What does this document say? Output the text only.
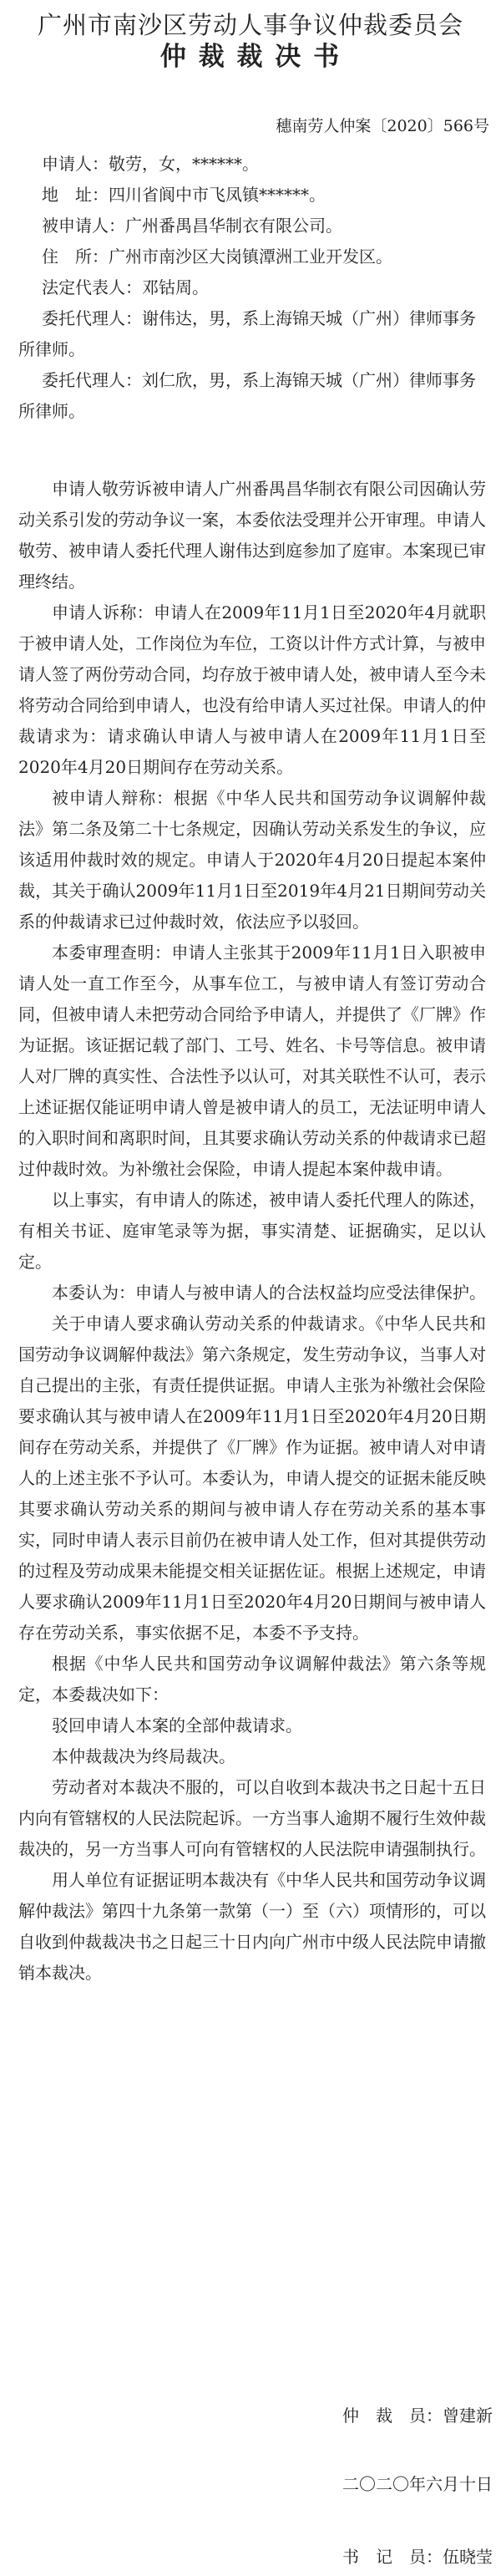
广州市南沙区劳动人事争议仲裁委员会
仲 裁 裁 决 书
穗南劳人仲案〔2020〕566号

申请人：敬劳，女，******。

地　址：四川省阆中市飞凤镇******。

被申请人：广州番禺昌华制衣有限公司。

住　所：广州市南沙区大岗镇潭洲工业开发区。

法定代表人：邓钴周。

委托代理人：谢伟达，男，系上海锦天城（广州）律师事务所律师。

委托代理人：刘仁欣，男，系上海锦天城（广州）律师事务所律师。

申请人敬劳诉被申请人广州番禺昌华制衣有限公司因确认劳动关系引发的劳动争议一案，本委依法受理并公开审理。申请人敬劳、被申请人委托代理人谢伟达到庭参加了庭审。本案现已审理终结。

申请人诉称：申请人在2009年11月1日至2020年4月就职于被申请人处，工作岗位为车位，工资以计件方式计算，与被申请人签了两份劳动合同，均存放于被申请人处，被申请人至今未将劳动合同给到申请人，也没有给申请人买过社保。申请人的仲裁请求为：请求确认申请人与被申请人在2009年11月1日至2020年4月20日期间存在劳动关系。

被申请人辩称：根据《中华人民共和国劳动争议调解仲裁法》第二条及第二十七条规定，因确认劳动关系发生的争议，应该适用仲裁时效的规定。申请人于2020年4月20日提起本案仲裁，其关于确认2009年11月1日至2019年4月21日期间劳动关系的仲裁请求已过仲裁时效，依法应予以驳回。

本委审理查明：申请人主张其于2009年11月1日入职被申请人处一直工作至今，从事车位工，与被申请人有签订劳动合同，但被申请人未把劳动合同给予申请人，并提供了《厂牌》作为证据。该证据记载了部门、工号、姓名、卡号等信息。被申请人对厂牌的真实性、合法性予以认可，对其关联性不认可，表示上述证据仅能证明申请人曾是被申请人的员工，无法证明申请人的入职时间和离职时间，且其要求确认劳动关系的仲裁请求已超过仲裁时效。为补缴社会保险，申请人提起本案仲裁申请。

以上事实，有申请人的陈述，被申请人委托代理人的陈述，有相关书证、庭审笔录等为据，事实清楚、证据确实，足以认定。

本委认为：申请人与被申请人的合法权益均应受法律保护。

关于申请人要求确认劳动关系的仲裁请求。《中华人民共和国劳动争议调解仲裁法》第六条规定，发生劳动争议，当事人对自己提出的主张，有责任提供证据。申请人主张为补缴社会保险要求确认其与被申请人在2009年11月1日至2020年4月20日期间存在劳动关系，并提供了《厂牌》作为证据。被申请人对申请人的上述主张不予认可。本委认为，申请人提交的证据未能反映其要求确认劳动关系的期间与被申请人存在劳动关系的基本事实，同时申请人表示目前仍在被申请人处工作，但对其提供劳动的过程及劳动成果未能提交相关证据佐证。根据上述规定，申请人要求确认2009年11月1日至2020年4月20日期间与被申请人存在劳动关系，事实依据不足，本委不予支持。

根据《中华人民共和国劳动争议调解仲裁法》第六条等规定，本委裁决如下：

驳回申请人本案的全部仲裁请求。

本仲裁裁决为终局裁决。

劳动者对本裁决不服的，可以自收到本裁决书之日起十五日内向有管辖权的人民法院起诉。一方当事人逾期不履行生效仲裁裁决的，另一方当事人可向有管辖权的人民法院申请强制执行。

用人单位有证据证明本裁决有《中华人民共和国劳动争议调解仲裁法》第四十九条第一款第（一）至（六）项情形的，可以自收到仲裁裁决书之日起三十日内向广州市中级人民法院申请撤销本裁决。

仲　裁　员：曾建新
二〇二〇年六月十日
书　记　员：伍晓莹
